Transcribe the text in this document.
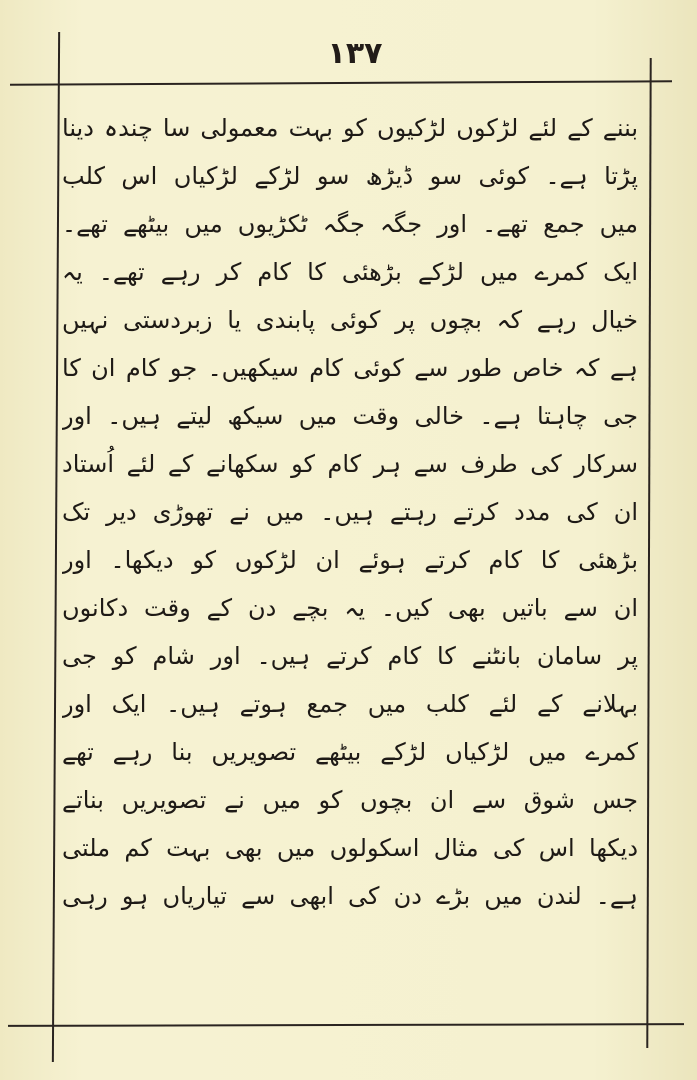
۱۳۷
بننے کے لئے لڑکوں لڑکیوں کو بہت معمولی سا چندہ دینا
پڑتا ہے۔ کوئی سو ڈیڑھ سو لڑکے لڑکیاں اس کلب
میں جمع تھے۔ اور جگہ جگہ ٹکڑیوں میں بیٹھے تھے۔
ایک کمرے میں لڑکے بڑھئی کا کام کر رہے تھے۔ یہ
خیال رہے کہ بچوں پر کوئی پابندی یا زبردستی نہیں
ہے کہ خاص طور سے کوئی کام سیکھیں۔ جو کام ان کا
جی چاہتا ہے۔ خالی وقت میں سیکھ لیتے ہیں۔ اور
سرکار کی طرف سے ہر کام کو سکھانے کے لئے اُستاد
ان کی مدد کرتے رہتے ہیں۔ میں نے تھوڑی دیر تک
بڑھئی کا کام کرتے ہوئے ان لڑکوں کو دیکھا۔ اور
ان سے باتیں بھی کیں۔ یہ بچے دن کے وقت دکانوں
پر سامان بانٹنے کا کام کرتے ہیں۔ اور شام کو جی
بہلانے کے لئے کلب میں جمع ہوتے ہیں۔ ایک اور
کمرے میں لڑکیاں لڑکے بیٹھے تصویریں بنا رہے تھے
جس شوق سے ان بچوں کو میں نے تصویریں بناتے
دیکھا اس کی مثال اسکولوں میں بھی بہت کم ملتی
ہے۔ لندن میں بڑے دن کی ابھی سے تیاریاں ہو رہی
